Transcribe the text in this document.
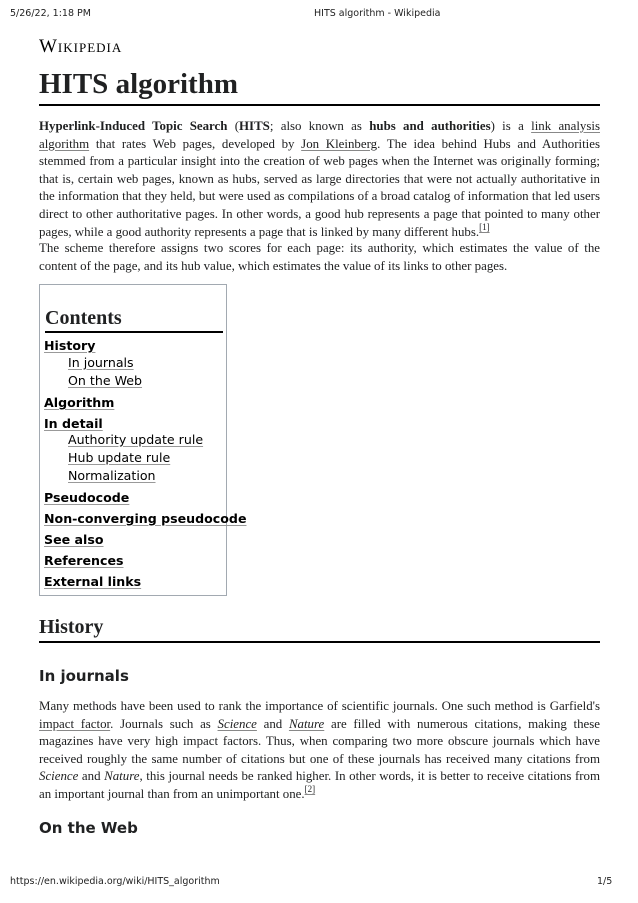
5/26/22, 1:18 PM	HITS algorithm - Wikipedia
Wikipedia
HITS algorithm

Hyperlink-Induced Topic Search (HITS; also known as hubs and authorities) is a link analysis algorithm that rates Web pages, developed by Jon Kleinberg. The idea behind Hubs and Authorities stemmed from a particular insight into the creation of web pages when the Internet was originally forming; that is, certain web pages, known as hubs, served as large directories that were not actually authoritative in the information that they held, but were used as compilations of a broad catalog of information that led users direct to other authoritative pages. In other words, a good hub represents a page that pointed to many other pages, while a good authority represents a page that is linked by many different hubs.[1]

The scheme therefore assigns two scores for each page: its authority, which estimates the value of the content of the page, and its hub value, which estimates the value of its links to other pages.

Contents
History
In journals
On the Web
Algorithm
In detail
Authority update rule
Hub update rule
Normalization
Pseudocode
Non-converging pseudocode
See also
References
External links
History
In journals

Many methods have been used to rank the importance of scientific journals. One such method is Garfield's impact factor. Journals such as Science and Nature are filled with numerous citations, making these magazines have very high impact factors. Thus, when comparing two more obscure journals which have received roughly the same number of citations but one of these journals has received many citations from Science and Nature, this journal needs be ranked higher. In other words, it is better to receive citations from an important journal than from an unimportant one.[2]

On the Web
https://en.wikipedia.org/wiki/HITS_algorithm	1/5
